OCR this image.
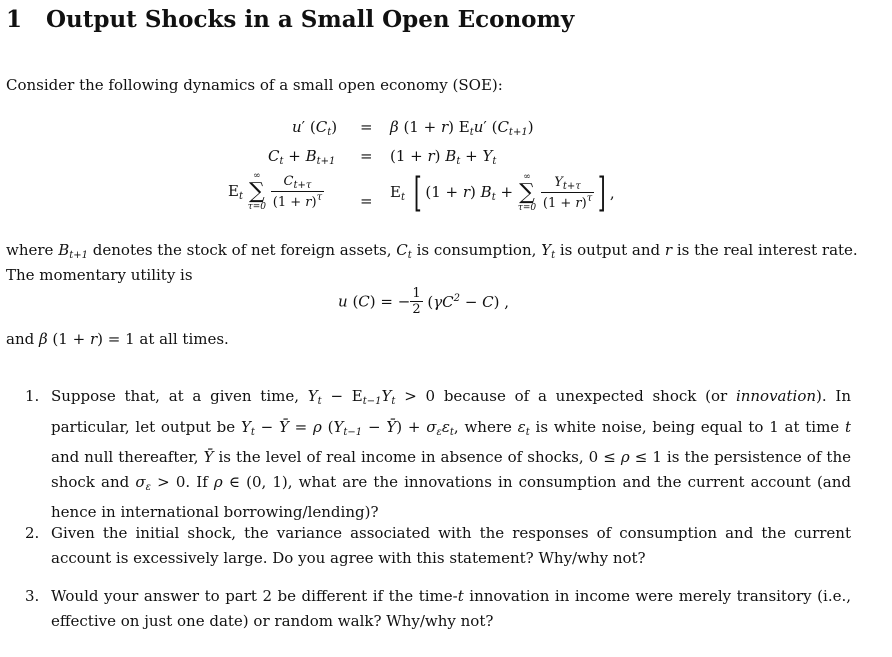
1 Output Shocks in a Small Open Economy
Consider the following dynamics of a small open economy (SOE):
u′ $(C_t) = \beta$ (1 + r) $E_tu'$ $(C_{t+1})$
$C_t + B_{t+1} = (1 + r) B_t + Y_t$
$E_t$
∞
∑
τ=0
$\frac{C_{t+\tau}}{(1 + r)^\tau} = E_t$ [ (1 + r) $B_t$ +
∞
∑
τ=0
$\frac{Y_{t+\tau}}{(1 + r)^\tau}$ ] ,
where $B_{t+1}$ denotes the stock of net foreign assets, $C_t$ is consumption, $Y_t$ is output and r is the real interest rate.
The momentary utility is
u (C) = − $\frac{1}{2} (\gamma C^2 - C)$ ,
and β (1 + r) = 1 at all times.
1. Suppose that, at a given time, $Y_t - E_{t-1}Y_t > 0$ because of a unexpected shock (or innovation). In particular, let output be $Y_t$ − Ȳ = ρ ($Y_{t-1}$ − Ȳ) + $\sigma_\varepsilon\varepsilon_t$, where $\varepsilon_t$ is white noise, being equal to 1 at time t and null thereafter, Ȳ is the level of real income in absence of shocks, 0 ≤ ρ ≤ 1 is the persistence of the shock and $\sigma_\varepsilon > 0$. If ρ ∈ (0, 1), what are the innovations in consumption and the current account (and hence in international borrowing/lending)?
2. Given the initial shock, the variance associated with the responses of consumption and the current account is excessively large. Do you agree with this statement? Why/why not?
3. Would your answer to part 2 be different if the time-t innovation in income were merely transitory (i.e., effective on just one date) or random walk? Why/why not?
